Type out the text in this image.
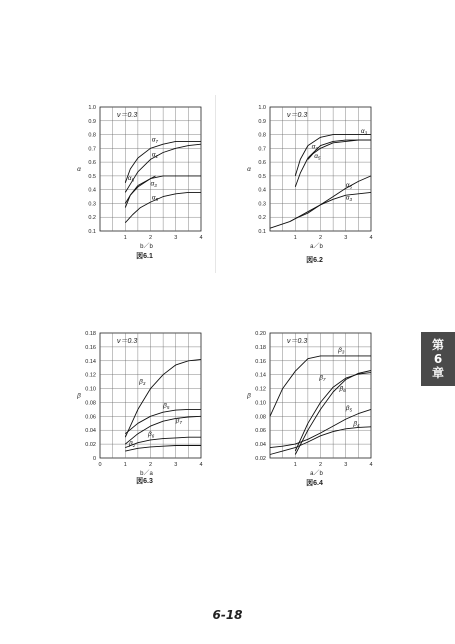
0.1
0.2
0.3
0.4
0.5
0.6
0.7
0.8
0.9
1.0
1	2	3	4
α
b／b
ν＝0.3
図6.1
$\alpha_7$
$\alpha_1$
$\alpha_5$
$\alpha_3$
$\alpha_5$
0.1
0.2
0.3
0.4
0.5
0.6
0.7
0.8
0.9
1.0
1	2	3	4
α
a／b
ν＝0.3
図6.2
$\alpha_3$
$\alpha_3$
$\alpha_5$
$\alpha_5$
$\alpha_3$
0
0.02
0.04
0.06
0.08
0.10
0.12
0.14
0.16
0.18
0	1	2	3	4
β
b／a
ν＝0.3
図6.3
$\beta_3$
$\beta_5$
$\beta_7$
$\beta_6$
$\beta_2$
0.02
0.04
0.06
0.08
0.10
0.12
0.14
0.16
0.18
0.20
1	2	3	4
β
a／b
ν＝0.3
図6.4
$\beta_3$
$\beta_7$
$\beta_6$
$\beta_5$
$\beta_4$
第
6
章
6-18
